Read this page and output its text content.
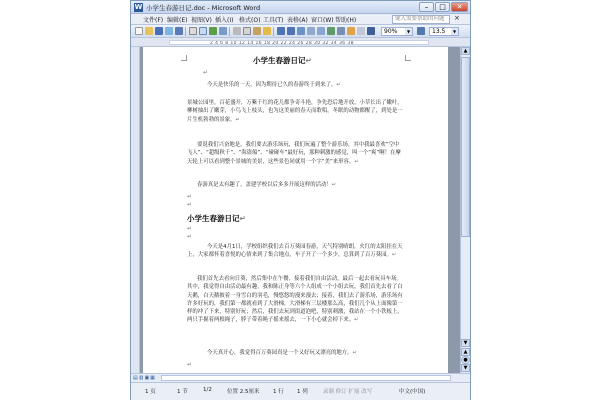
W 小学生春游日记.doc - Microsoft Word	–	□	✕
文件(F) 编辑(E) 视图(V) 插入(I) 格式(O) 工具(T) 表格(A) 窗口(W) 帮助(H)	键入需要帮助的问题	×
90%	▼	13.5	▼
2 4 6 8 10 12 14 16 18 20 22 24 26 28 30 32 34 36 38
小学生春游日记↵
↵
今天是快乐的一天，因为期待已久的春游终于到来了。↵
景城公园里，百花盛开，万紫千红的花儿都争奇斗艳，争先恐后地开放，小草长出了嫩叶，柳树抽出了嫩芽，小鸟飞上枝头，也为这美丽的春天而歌唱，冬眠的动物都醒了，到处是一片生机勃勃的景象。↵
要说我们兴奋地是，我们要去游乐场玩，我们玩遍了整个游乐场，其中我最喜欢“空中飞人”、“超级秋千”、“海盗船”、“碰碰车”最好玩，那种刺激的感觉，叫一个“爽”啊！在摩天轮上可以看到整个景城的美景，这些景色同就用一个字“美”来形容。↵
春游真是太有趣了，盖建学校以后多多开展这样的活动！↵
↵
↵
小学生春游日记↵
↵
↵
今天是4月1日，学校组织我们去百万葵园春游，天气特别晴朗，火红的太阳挂在天上，大家都怀着喜悦的心情来到了集合地点，车子开了一个多少，总算到了百万葵园。↵
我们首先去看向日葵，然后集中在午餐，接着我们自由活动，最后一起去看玩具车场。其中，我觉得自由活动最有趣，我和陈正身等六个人组成一个小组去玩，我们首先去看了白天鹅，白天鹅披着一身雪白的羽毛，慢悠悠的漫来漫去；接着，我们去了游乐场，游乐场有许多好玩的，我们第一都就看到了大滑梯，大滑梯有三层楼那么高，我们几个从上面像第一样的冲了下来，特别好玩；然后，我们去玩到街道泡吧，特别刺激，我站在一个小铁板上，两只手握着两根绳子，脖子带着绳子摇来摇去，一下小心就会掉下来。↵
今天真开心，我觉得百万葵园真是一个又好玩又漂亮的地方。↵
↵
▲
▼
▲
●
▼
▤▥▣▦
1 页	1 节	1/2	位置 2.5厘米 1 行 1 列	录制 修订 扩展 改写	中文(中国)
